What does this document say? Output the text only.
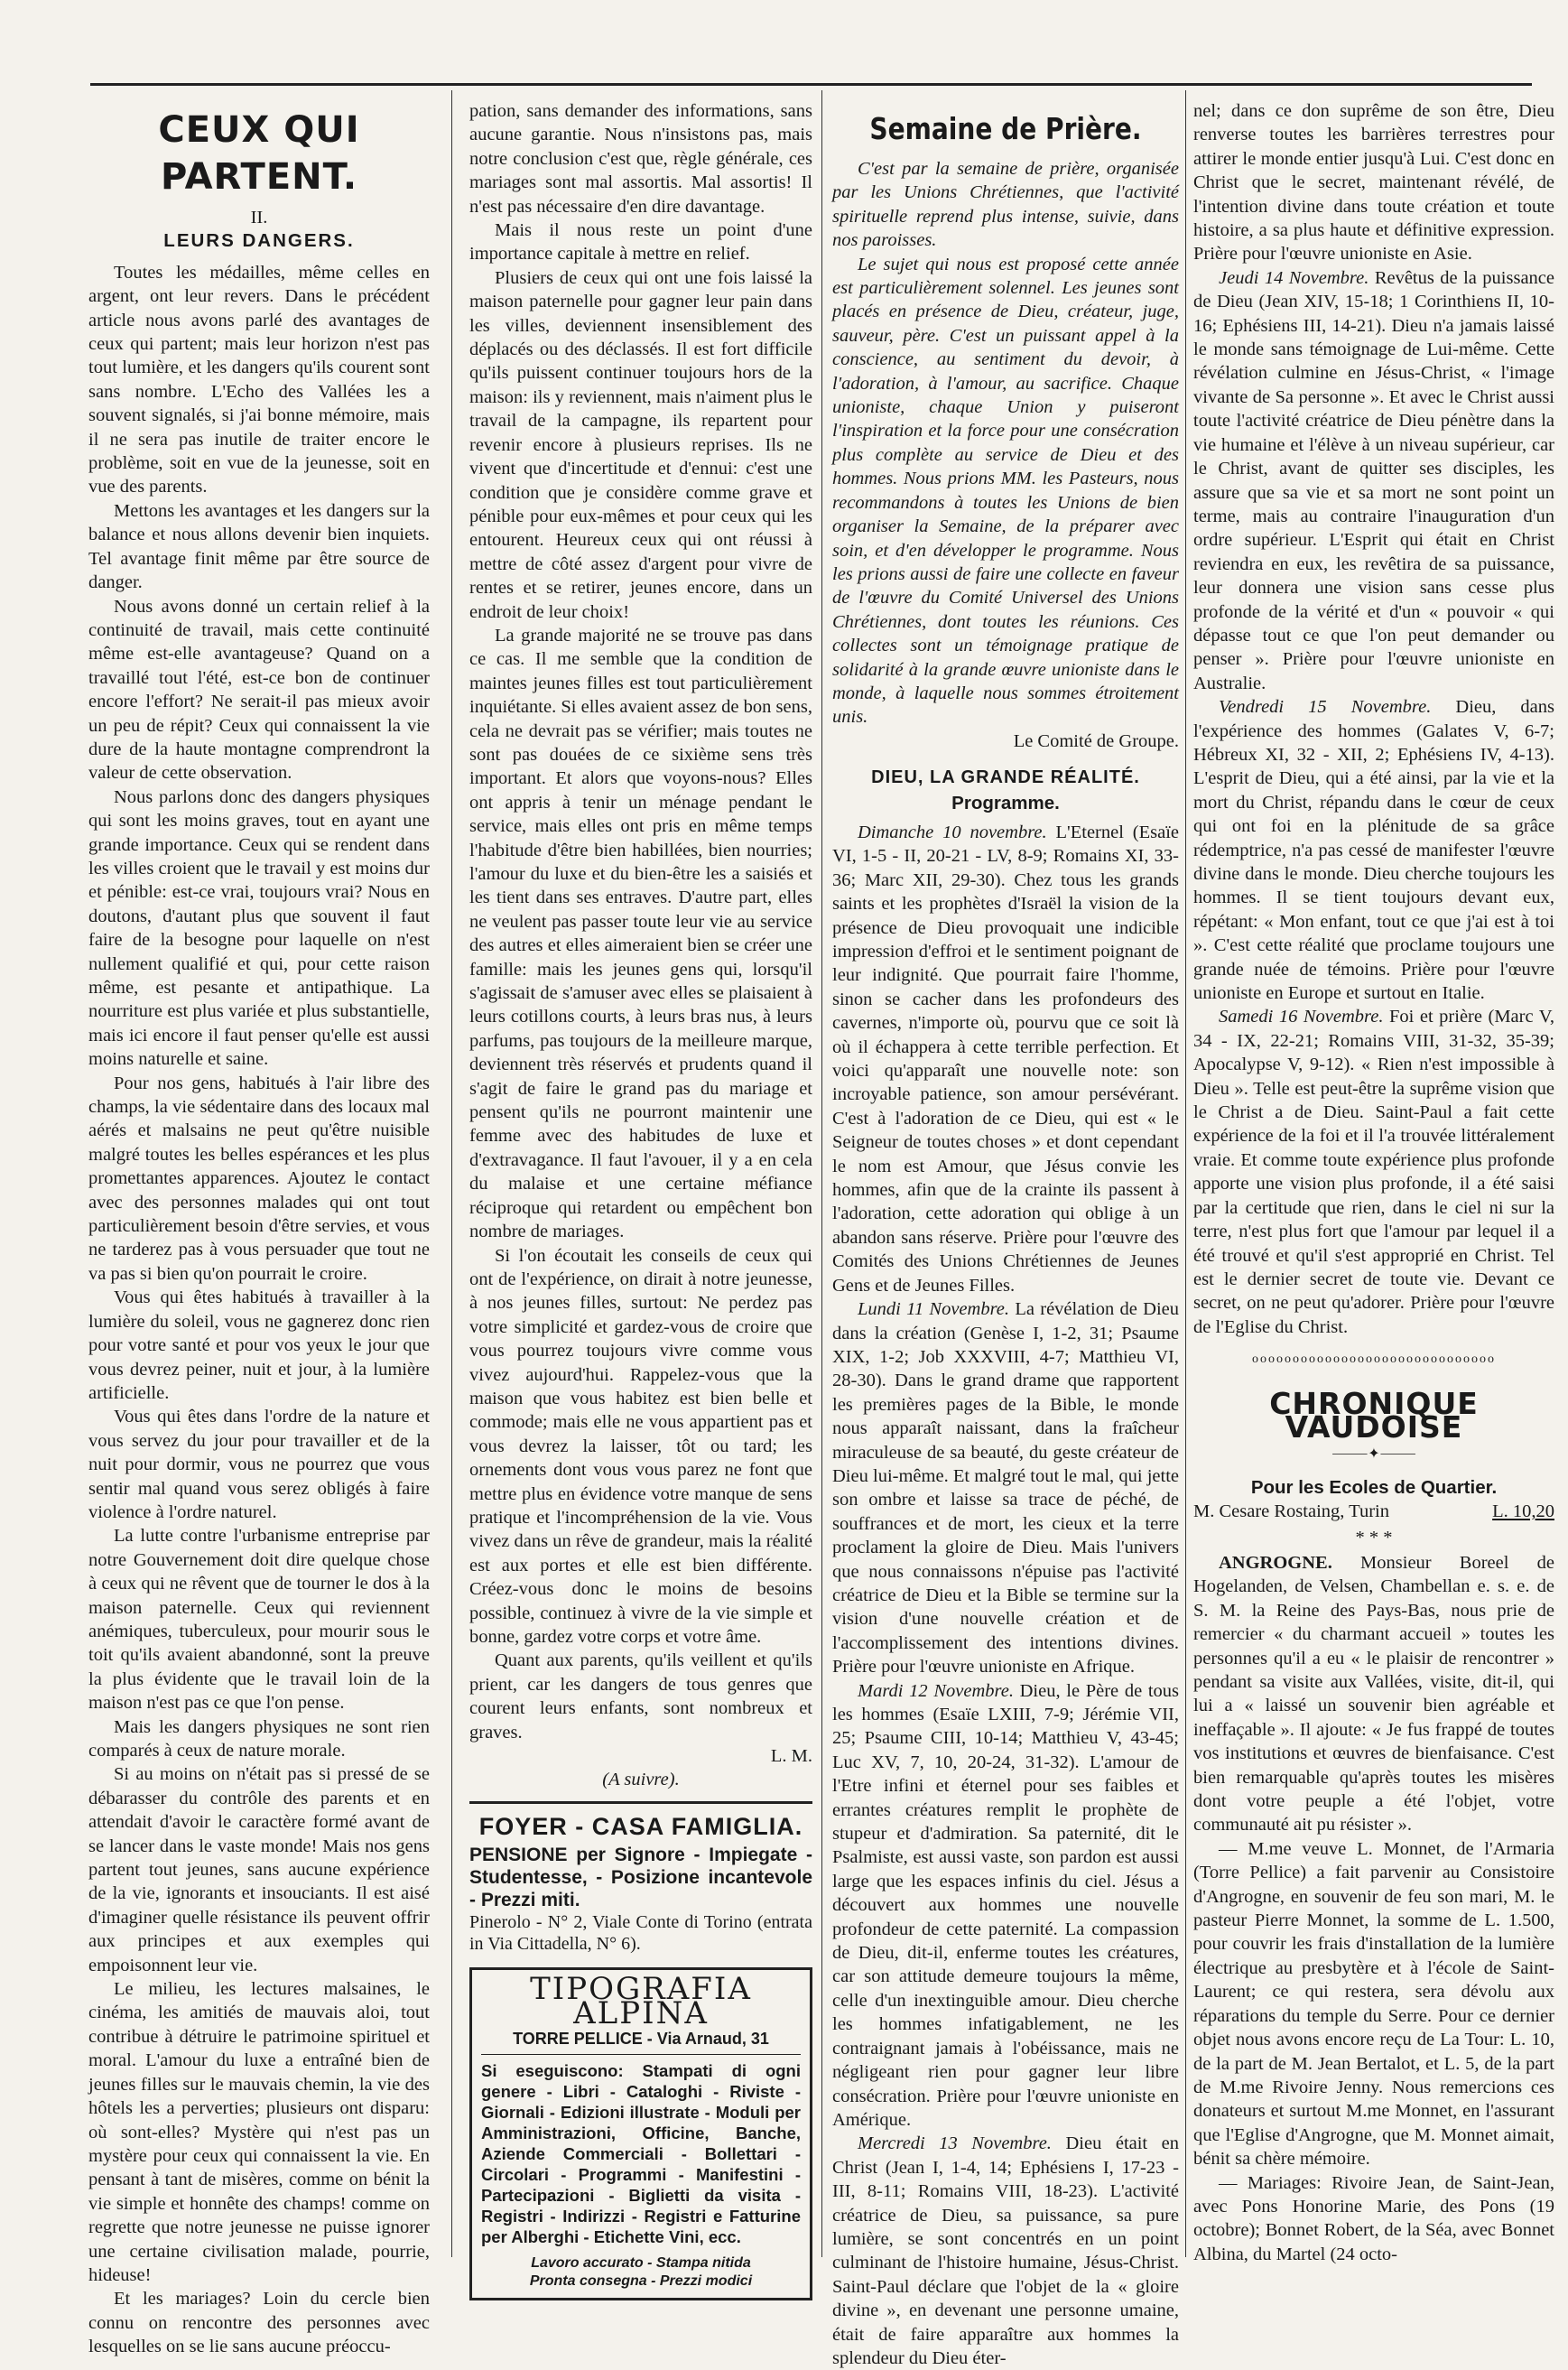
CEUX QUI PARTENT.
II.
LEURS DANGERS.

Toutes les médailles, même celles en argent, ont leur revers. Dans le précédent article nous avons parlé des avantages de ceux qui partent; mais leur horizon n'est pas tout lumière, et les dangers qu'ils courent sont sans nombre. L'Echo des Vallées les a souvent signalés, si j'ai bonne mémoire, mais il ne sera pas inutile de traiter encore le problème, soit en vue de la jeunesse, soit en vue des parents.

Mettons les avantages et les dangers sur la balance et nous allons devenir bien inquiets. Tel avantage finit même par être source de danger.

Nous avons donné un certain relief à la continuité de travail, mais cette continuité même est-elle avantageuse? Quand on a travaillé tout l'été, est-ce bon de continuer encore l'effort? Ne serait-il pas mieux avoir un peu de répit? Ceux qui connaissent la vie dure de la haute montagne comprendront la valeur de cette observation.

Nous parlons donc des dangers physiques qui sont les moins graves, tout en ayant une grande importance. Ceux qui se rendent dans les villes croient que le travail y est moins dur et pénible: est-ce vrai, toujours vrai? Nous en doutons, d'autant plus que souvent il faut faire de la besogne pour laquelle on n'est nullement qualifié et qui, pour cette raison même, est pesante et antipathique. La nourriture est plus variée et plus substantielle, mais ici encore il faut penser qu'elle est aussi moins naturelle et saine.

Pour nos gens, habitués à l'air libre des champs, la vie sédentaire dans des locaux mal aérés et malsains ne peut qu'être nuisible malgré toutes les belles espérances et les plus promettantes apparences. Ajoutez le contact avec des personnes malades qui ont tout particulièrement besoin d'être servies, et vous ne tarderez pas à vous persuader que tout ne va pas si bien qu'on pourrait le croire.

Vous qui êtes habitués à travailler à la lumière du soleil, vous ne gagnerez donc rien pour votre santé et pour vos yeux le jour que vous devrez peiner, nuit et jour, à la lumière artificielle.

Vous qui êtes dans l'ordre de la nature et vous servez du jour pour travailler et de la nuit pour dormir, vous ne pourrez que vous sentir mal quand vous serez obligés à faire violence à l'ordre naturel.

La lutte contre l'urbanisme entreprise par notre Gouvernement doit dire quelque chose à ceux qui ne rêvent que de tourner le dos à la maison paternelle. Ceux qui reviennent anémiques, tuberculeux, pour mourir sous le toit qu'ils avaient abandonné, sont la preuve la plus évidente que le travail loin de la maison n'est pas ce que l'on pense.

Mais les dangers physiques ne sont rien comparés à ceux de nature morale.

Si au moins on n'était pas si pressé de se débarasser du contrôle des parents et en attendait d'avoir le caractère formé avant de se lancer dans le vaste monde! Mais nos gens partent tout jeunes, sans aucune expérience de la vie, ignorants et insouciants. Il est aisé d'imaginer quelle résistance ils peuvent offrir aux principes et aux exemples qui empoisonnent leur vie.

Le milieu, les lectures malsaines, le cinéma, les amitiés de mauvais aloi, tout contribue à détruire le patrimoine spirituel et moral. L'amour du luxe a entraîné bien de jeunes filles sur le mauvais chemin, la vie des hôtels les a perverties; plusieurs ont disparu: où sont-elles? Mystère qui n'est pas un mystère pour ceux qui connaissent la vie. En pensant à tant de misères, comme on bénit la vie simple et honnête des champs! comme on regrette que notre jeunesse ne puisse ignorer une certaine civilisation malade, pourrie, hideuse!

Et les mariages? Loin du cercle bien connu on rencontre des personnes avec lesquelles on se lie sans aucune préoccu-

pation, sans demander des informations, sans aucune garantie. Nous n'insistons pas, mais notre conclusion c'est que, règle générale, ces mariages sont mal assortis. Mal assortis! Il n'est pas nécessaire d'en dire davantage.

Mais il nous reste un point d'une importance capitale à mettre en relief.

Plusiers de ceux qui ont une fois laissé la maison paternelle pour gagner leur pain dans les villes, deviennent insensiblement des déplacés ou des déclassés. Il est fort difficile qu'ils puissent continuer toujours hors de la maison: ils y reviennent, mais n'aiment plus le travail de la campagne, ils repartent pour revenir encore à plusieurs reprises. Ils ne vivent que d'incertitude et d'ennui: c'est une condition que je considère comme grave et pénible pour eux-mêmes et pour ceux qui les entourent. Heureux ceux qui ont réussi à mettre de côté assez d'argent pour vivre de rentes et se retirer, jeunes encore, dans un endroit de leur choix!

La grande majorité ne se trouve pas dans ce cas. Il me semble que la condition de maintes jeunes filles est tout particulièrement inquiétante. Si elles avaient assez de bon sens, cela ne devrait pas se vérifier; mais toutes ne sont pas douées de ce sixième sens très important. Et alors que voyons-nous? Elles ont appris à tenir un ménage pendant le service, mais elles ont pris en même temps l'habitude d'être bien habillées, bien nourries; l'amour du luxe et du bien-être les a saisiés et les tient dans ses entraves. D'autre part, elles ne veulent pas passer toute leur vie au service des autres et elles aimeraient bien se créer une famille: mais les jeunes gens qui, lorsqu'il s'agissait de s'amuser avec elles se plaisaient à leurs cotillons courts, à leurs bras nus, à leurs parfums, pas toujours de la meilleure marque, deviennent très réservés et prudents quand il s'agit de faire le grand pas du mariage et pensent qu'ils ne pourront maintenir une femme avec des habitudes de luxe et d'extravagance. Il faut l'avouer, il y a en cela du malaise et une certaine méfiance réciproque qui retardent ou empêchent bon nombre de mariages.

Si l'on écoutait les conseils de ceux qui ont de l'expérience, on dirait à notre jeunesse, à nos jeunes filles, surtout: Ne perdez pas votre simplicité et gardez-vous de croire que vous pourrez toujours vivre comme vous vivez aujourd'hui. Rappelez-vous que la maison que vous habitez est bien belle et commode; mais elle ne vous appartient pas et vous devrez la laisser, tôt ou tard; les ornements dont vous vous parez ne font que mettre plus en évidence votre manque de sens pratique et l'incompréhension de la vie. Vous vivez dans un rêve de grandeur, mais la réalité est aux portes et elle est bien différente. Créez-vous donc le moins de besoins possible, continuez à vivre de la vie simple et bonne, gardez votre corps et votre âme.

Quant aux parents, qu'ils veillent et qu'ils prient, car les dangers de tous genres que courent leurs enfants, sont nombreux et graves.

L. M.
(A suivre).
FOYER - CASA FAMIGLIA.
PENSIONE per Signore - Impiegate - Studentesse, - Posizione incantevole - Prezzi miti.
Pinerolo - N° 2, Viale Conte di Torino (entrata in Via Cittadella, N° 6).
TIPOGRAFIA ALPINA
TORRE PELLICE - Via Arnaud, 31
Si eseguiscono: Stampati di ogni genere - Libri - Cataloghi - Riviste - Giornali - Edizioni illustrate - Moduli per Amministrazioni, Officine, Banche, Aziende Commerciali - Bollettari - Circolari - Programmi - Manifestini - Partecipazioni - Biglietti da visita - Registri - Indirizzi - Registri e Fatturine per Alberghi - Etichette Vini, ecc.
Lavoro accurato - Stampa nitida
Pronta consegna - Prezzi modici
Semaine de Prière.

C'est par la semaine de prière, organisée par les Unions Chrétiennes, que l'activité spirituelle reprend plus intense, suivie, dans nos paroisses.

Le sujet qui nous est proposé cette année est particulièrement solennel. Les jeunes sont placés en présence de Dieu, créateur, juge, sauveur, père. C'est un puissant appel à la conscience, au sentiment du devoir, à l'adoration, à l'amour, au sacrifice. Chaque unioniste, chaque Union y puiseront l'inspiration et la force pour une consécration plus complète au service de Dieu et des hommes. Nous prions MM. les Pasteurs, nous recommandons à toutes les Unions de bien organiser la Semaine, de la préparer avec soin, et d'en développer le programme. Nous les prions aussi de faire une collecte en faveur de l'œuvre du Comité Universel des Unions Chrétiennes, dont toutes les réunions. Ces collectes sont un témoignage pratique de solidarité à la grande œuvre unioniste dans le monde, à laquelle nous sommes étroitement unis.

Le Comité de Groupe.
DIEU, LA GRANDE RÉALITÉ.
Programme.

Dimanche 10 novembre. L'Eternel (Esaïe VI, 1-5 - II, 20-21 - LV, 8-9; Romains XI, 33-36; Marc XII, 29-30). Chez tous les grands saints et les prophètes d'Israël la vision de la présence de Dieu provoquait une indicible impression d'effroi et le sentiment poignant de leur indignité. Que pourrait faire l'homme, sinon se cacher dans les profondeurs des cavernes, n'importe où, pourvu que ce soit là où il échappera à cette terrible perfection. Et voici qu'apparaît une nouvelle note: son incroyable patience, son amour persévérant. C'est à l'adoration de ce Dieu, qui est « le Seigneur de toutes choses » et dont cependant le nom est Amour, que Jésus convie les hommes, afin que de la crainte ils passent à l'adoration, cette adoration qui oblige à un abandon sans réserve. Prière pour l'œuvre des Comités des Unions Chrétiennes de Jeunes Gens et de Jeunes Filles.

Lundi 11 Novembre. La révélation de Dieu dans la création (Genèse I, 1-2, 31; Psaume XIX, 1-2; Job XXXVIII, 4-7; Matthieu VI, 28-30). Dans le grand drame que rapportent les premières pages de la Bible, le monde nous apparaît naissant, dans la fraîcheur miraculeuse de sa beauté, du geste créateur de Dieu lui-même. Et malgré tout le mal, qui jette son ombre et laisse sa trace de péché, de souffrances et de mort, les cieux et la terre proclament la gloire de Dieu. Mais l'univers que nous connaissons n'épuise pas l'activité créatrice de Dieu et la Bible se termine sur la vision d'une nouvelle création et de l'accomplissement des intentions divines. Prière pour l'œuvre unioniste en Afrique.

Mardi 12 Novembre. Dieu, le Père de tous les hommes (Esaïe LXIII, 7-9; Jérémie VII, 25; Psaume CIII, 10-14; Matthieu V, 43-45; Luc XV, 7, 10, 20-24, 31-32). L'amour de l'Etre infini et éternel pour ses faibles et errantes créatures remplit le prophète de stupeur et d'admiration. Sa paternité, dit le Psalmiste, est aussi vaste, son pardon est aussi large que les espaces infinis du ciel. Jésus a découvert aux hommes une nouvelle profondeur de cette paternité. La compassion de Dieu, dit-il, enferme toutes les créatures, car son attitude demeure toujours la même, celle d'un inextinguible amour. Dieu cherche les hommes infatigablement, ne les contraignant jamais à l'obéissance, mais ne négligeant rien pour gagner leur libre consécration. Prière pour l'œuvre unioniste en Amérique.

Mercredi 13 Novembre. Dieu était en Christ (Jean I, 1-4, 14; Ephésiens I, 17-23 - III, 8-11; Romains VIII, 18-23). L'activité créatrice de Dieu, sa puissance, sa pure lumière, se sont concentrés en un point culminant de l'histoire humaine, Jésus-Christ. Saint-Paul déclare que l'objet de la « gloire divine », en devenant une personne umaine, était de faire apparaître aux hommes la splendeur du Dieu éter-

nel; dans ce don suprême de son être, Dieu renverse toutes les barrières terrestres pour attirer le monde entier jusqu'à Lui. C'est donc en Christ que le secret, maintenant révélé, de l'intention divine dans toute création et toute histoire, a sa plus haute et définitive expression. Prière pour l'œuvre unioniste en Asie.

Jeudi 14 Novembre. Revêtus de la puissance de Dieu (Jean XIV, 15-18; 1 Corinthiens II, 10-16; Ephésiens III, 14-21). Dieu n'a jamais laissé le monde sans témoignage de Lui-même. Cette révélation culmine en Jésus-Christ, « l'image vivante de Sa personne ». Et avec le Christ aussi toute l'activité créatrice de Dieu pénètre dans la vie humaine et l'élève à un niveau supérieur, car le Christ, avant de quitter ses disciples, les assure que sa vie et sa mort ne sont point un terme, mais au contraire l'inauguration d'un ordre supérieur. L'Esprit qui était en Christ reviendra en eux, les revêtira de sa puissance, leur donnera une vision sans cesse plus profonde de la vérité et d'un « pouvoir « qui dépasse tout ce que l'on peut demander ou penser ». Prière pour l'œuvre unioniste en Australie.

Vendredi 15 Novembre. Dieu, dans l'expérience des hommes (Galates V, 6-7; Hébreux XI, 32 - XII, 2; Ephésiens IV, 4-13). L'esprit de Dieu, qui a été ainsi, par la vie et la mort du Christ, répandu dans le cœur de ceux qui ont foi en la plénitude de sa grâce rédemptrice, n'a pas cessé de manifester l'œuvre divine dans le monde. Dieu cherche toujours les hommes. Il se tient toujours devant eux, répétant: « Mon enfant, tout ce que j'ai est à toi ». C'est cette réalité que proclame toujours une grande nuée de témoins. Prière pour l'œuvre unioniste en Europe et surtout en Italie.

Samedi 16 Novembre. Foi et prière (Marc V, 34 - IX, 22-21; Romains VIII, 31-32, 35-39; Apocalypse V, 9-12). « Rien n'est impossible à Dieu ». Telle est peut-être la suprême vision que le Christ a de Dieu. Saint-Paul a fait cette expérience de la foi et il l'a trouvée littéralement vraie. Et comme toute expérience plus profonde apporte une vision plus profonde, il a été saisi par la certitude que rien, dans le ciel ni sur la terre, n'est plus fort que l'amour par lequel il a été trouvé et qu'il s'est approprié en Christ. Tel est le dernier secret de toute vie. Devant ce secret, on ne peut qu'adorer. Prière pour l'œuvre de l'Eglise du Christ.

oooooooooooooooooooooooooooooo
CHRONIQUE VAUDOISE
⸻✦⸻
Pour les Ecoles de Quartier.
M. Cesare Rostaing, Turin	L. 10,20
* * *

ANGROGNE. Monsieur Boreel de Hogelanden, de Velsen, Chambellan e. s. e. de S. M. la Reine des Pays-Bas, nous prie de remercier « du charmant accueil » toutes les personnes qu'il a eu « le plaisir de rencontrer » pendant sa visite aux Vallées, visite, dit-il, qui lui a « laissé un souvenir bien agréable et ineffaçable ». Il ajoute: « Je fus frappé de toutes vos institutions et œuvres de bienfaisance. C'est bien remarquable qu'après toutes les misères dont votre peuple a été l'objet, votre communauté ait pu résister ».

— M.me veuve L. Monnet, de l'Armaria (Torre Pellice) a fait parvenir au Consistoire d'Angrogne, en souvenir de feu son mari, M. le pasteur Pierre Monnet, la somme de L. 1.500, pour couvrir les frais d'installation de la lumière électrique au presbytère et à l'école de Saint-Laurent; ce qui restera, sera dévolu aux réparations du temple du Serre. Pour ce dernier objet nous avons encore reçu de La Tour: L. 10, de la part de M. Jean Bertalot, et L. 5, de la part de M.me Rivoire Jenny. Nous remercions ces donateurs et surtout M.me Monnet, en l'assurant que l'Eglise d'Angrogne, que M. Monnet aimait, bénit sa chère mémoire.

— Mariages: Rivoire Jean, de Saint-Jean, avec Pons Honorine Marie, des Pons (19 octobre); Bonnet Robert, de la Séa, avec Bonnet Albina, du Martel (24 octo-
